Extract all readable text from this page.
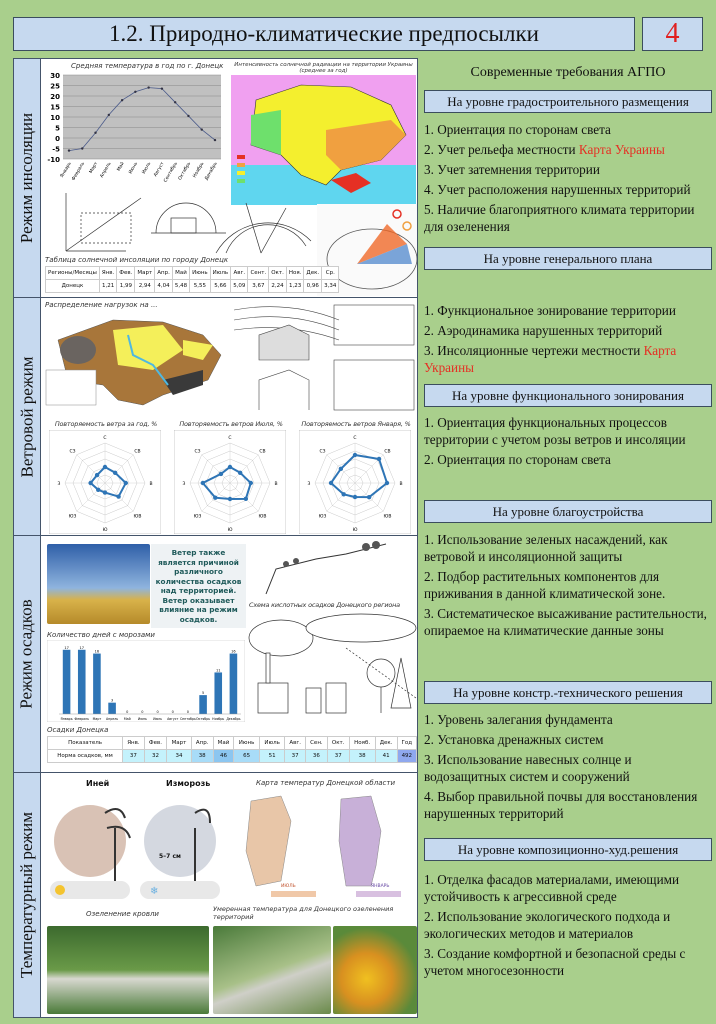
1.2. Природно-климатические предпосылки	4
Режим инсоляции -10
-5
0
5
10
15
20
25
30
Январь
Февраль Март Апрель Май Июнь Июль Август
Сентябрь Октябрь Ноябрь
Декабрь
Средняя температура в год по г. Донецк	Интенсивность солнечной радиации на территории Украины (среднее за год)
Таблица солнечной инсоляции по городу Донецк
Регионы/Месяцы	Янв.	Фев.	Март	Апр.	Май	Июнь	Июль	Авг.	Сент.	Окт.	Ноя.	Дек.	Ср.
Донецк	1,21	1,99	2,94	4,04	5,48	5,55	5,66	5,09	3,67	2,24	1,23	0,96	3,34
Ветровой режим
Распределение нагрузок на ...
С
СВ
В
ЮВ
Ю
ЮЗ
З
СЗ
Повторяемость ветра за год, %
С
СВ
В
ЮВ
Ю
ЮЗ
З
СЗ
Повторяемость ветров Июля, %
С
СВ
В
ЮВ
Ю
ЮЗ
З
СЗ
Повторяемость ветров Января, %
Режим осадков
Ветер также является причиной различного количества осадков над территорией. Ветер оказывает влияние на режим осадков.
Количество дней с морозами
17
Январь
17
Февраль
16
Март
3
Апрель
0
Май
0
Июнь
0
Июль
0
Август
0
Сентябрь
5
Октябрь
11
Ноябрь
16
Декабрь
Схема кислотных осадков Донецкого региона
Осадки Донецка
Показатель	Янв.	Фев.	Март	Апр.	Май	Июнь	Июль	Авг.	Сен.	Окт.	Нояб.	Дек.	Год
Норма осадков, мм	37	32	34	38	46	65	51	37	36	37	38	41	492
Температурный режим	❄
Иней	Изморозь
5–7 см
Карта температур Донецкой области
ИЮЛЬ	ЯНВАРЬ
Озеленение кровли
Умеренная температура для Донецкого озеленения территорий
Современные требования АГПО
На уровне градостроительного размещения
1. Ориентация по сторонам света
2. Учет рельефа местности Карта Украины
3. Учет затемнения территории
4. Учет расположения нарушенных территорий
5. Наличие благоприятного климата территории для озеленения
На уровне генерального плана
1. Функциональное зонирование территории
2. Аэродинамика нарушенных территорий
3. Инсоляционные чертежи местности Карта Украины
На уровне функционального зонирования
1. Ориентация функциональных процессов территории с учетом розы ветров и инсоляции
2. Ориентация по сторонам света
На уровне благоустройства
1. Использование зеленых насаждений, как ветровой и инсоляционной защиты
2. Подбор растительных компонентов для приживания в данной климатической зоне.
3. Систематическое высаживание растительности, опираемое на климатические данные зоны
На уровне констр.-технического решения
1. Уровень залегания фундамента
2. Установка дренажных систем
3. Использование навесных солнце и водозащитных систем и сооружений
4. Выбор правильной почвы для восстановления нарушенных территорий
На уровне композиционно-худ.решения
1. Отделка фасадов материалами, имеющими устойчивость к агрессивной среде
2. Использование экологического подхода и экологических методов и материалов
3. Создание комфортной и безопасной среды с учетом многосезонности
